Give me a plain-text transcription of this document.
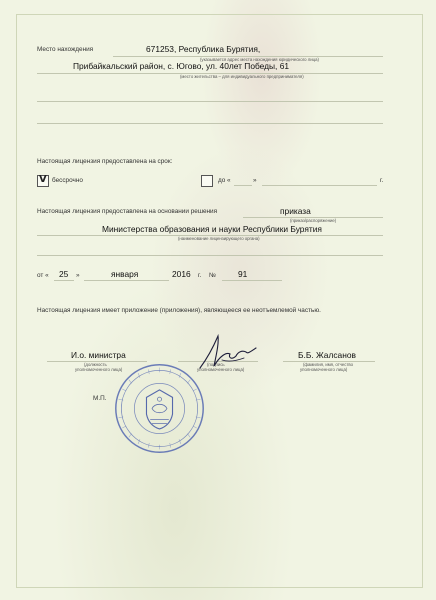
Место нахождения	671253, Республика Бурятия,
(указывается адрес места нахождения юридического лица)
Прибайкальский район, с. Югово, ул. 40лет Победы, 61
(место жительства – для индивидуального предпринимателя)
Настоящая лицензия предоставлена на срок:
V бессрочно	до «	»	г.
Настоящая лицензия предоставлена на основании решения	приказа
(приказ/распоряжение)
Министерства образования и науки Республики Бурятия
(наименование лицензирующего органа)
от « 25 »	января	2016 г. №	91
Настоящая лицензия имеет приложение (приложения), являющееся ее неотъемлемой частью.
И.о. министра
(должность
уполномоченного лица)
(подпись
уполномоченного лица)
Б.Б. Жалсанов
(фамилия, имя, отчество
уполномоченного лица)
М.П.
